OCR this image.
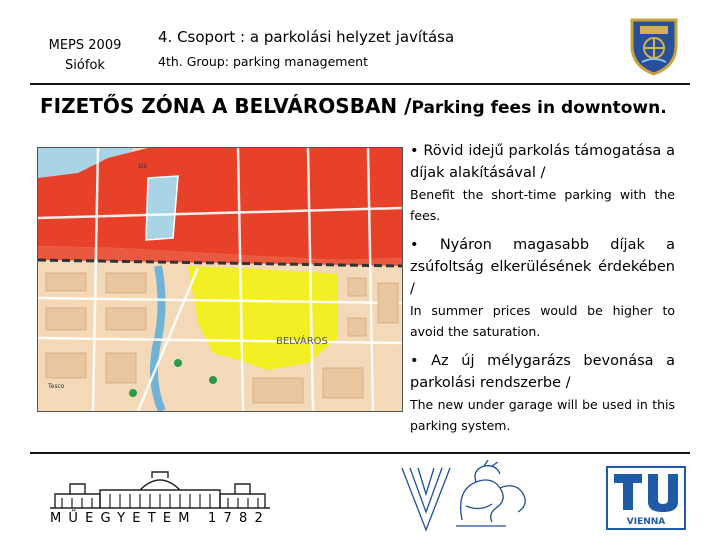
MEPS 2009
Siófok
4. Csoport : a parkolási helyzet javítása
4th. Group: parking management
FIZETŐS ZÓNA A BELVÁROSBAN /Parking fees in downtown.
BELVÁROS
Sió
Tesco
• Rövid idejű parkolás támogatása a díjak alakításával /
Benefit the short-time parking with the fees.
• Nyáron magasabb díjak a zsúfoltság elkerülésének érdekében /
In summer prices would be higher to avoid the saturation.
• Az új mélygarázs bevonása a parkolási rendszerbe /
The new under garage will be used in this parking system.
MŰEGYETEM 1782	VIENNA
